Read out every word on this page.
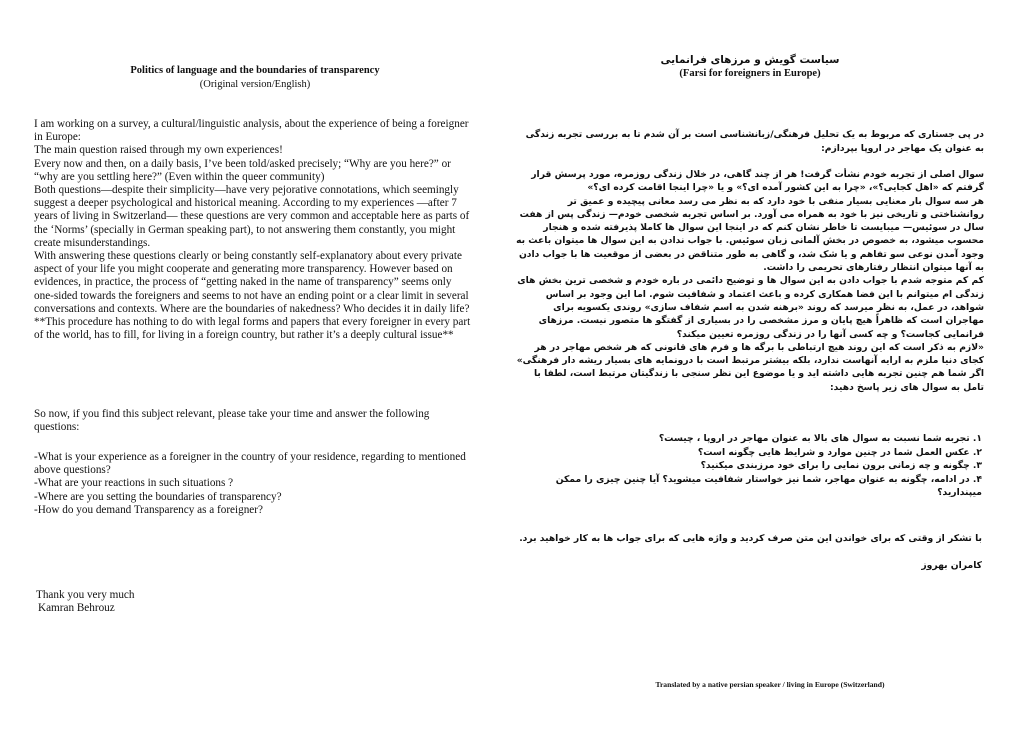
Politics of language and the boundaries of transparency
(Original version/English)

I am working on a survey, a cultural/linguistic analysis, about the experience of being a foreigner in Europe:

The main question raised through my own experiences!

Every now and then, on a daily basis, I’ve been told/asked precisely; “Why are you here?” or “why are you settling here?” (Even within the queer community)

Both questions—despite their simplicity—have very pejorative connotations, which seemingly suggest a deeper psychological and historical meaning. According to my experiences —after 7 years of living in Switzerland— these questions are very common and acceptable here as parts of the ‘Norms’ (specially in German speaking part), to not answering them constantly, you might create misunderstandings.

With answering these questions clearly or being constantly self-explanatory about every private aspect of your life you might cooperate and generating more transparency. However based on evidences, in practice, the process of “getting naked in the name of transparency” seems only one-sided towards the foreigners and seems to not have an ending point or a clear limit in several conversations and contexts. Where are the boundaries of nakedness? Who decides it in daily life?

**This procedure has nothing to do with legal forms and papers that every foreigner in every part of the world, has to fill, for living in a foreign country, but rather it’s a deeply cultural issue**

So now, if you find this subject relevant, please take your time and answer the following questions:

-What is your experience as a foreigner in the country of your residence, regarding to mentioned above questions?
-What are your reactions in such situations ?
-Where are you setting the boundaries of transparency?
-How do you demand Transparency as a foreigner?
Thank you very much
Kamran Behrouz
سیاست گویش و مرزهای فرانمایی
(Farsi for foreigners in Europe)
در پی جستاری که مربوط به یک تحلیل فرهنگی/زبانشناسی است بر آن شدم تا به بررسی تجربه زندگی به عنوان یک مهاجر در اروپا بپردازم:

سوال اصلی از تجربه خودم نشأت گرفت! هر از چند گاهی، در خلال زندگی روزمره، مورد پرسش قرار گرفتم که «اهل کجایی؟»، «چرا به این کشور آمده ای؟» و یا «چرا اینجا اقامت کرده ای؟»

هر سه سوال بار معنایی بسیار منفی با خود دارد که به نظر می رسد معانی پیچیده و عمیق تر روانشناختی و تاریخی نیز با خود به همراه می آورد. بر اساس تجربه شخصی خودم— زندگی پس از هفت سال در سوئیس— میبایست تا خاطر نشان کنم که در اینجا این سوال ها کاملا پذیرفته شده و هنجار محسوب میشود، به خصوص در بخش آلمانی زبان سوئیس. با جواب ندادن به این سوال ها میتوان باعث به وجود آمدن نوعی سو تفاهم و یا شک شد، و گاهی به طور متناقض در بعضی از موقعیت ها با جواب دادن به آنها میتوان انتظار رفتارهای تحریمی را داشت.

کم کم متوجه شدم با جواب دادن به این سوال ها و توضیح دائمی در باره خودم و شخصی ترین بخش های زندگی ام میتوانم با این فضا همکاری کرده و باعث اعتماد و شفافیت شوم. اما این وجود بر اساس شواهد، در عمل، به نظر میرسد که روند «برهنه شدن به اسم شفاف سازی» روندی یکسویه برای مهاجران است که ظاهراً هیچ پایان و مرز مشخصی را در بسیاری از گفتگو ها متصور نیست. مرزهای فرانمایی کجاست؟ و چه کسی آنها را در زندگی روزمره تعیین میکند؟

«لازم به ذکر است که این روند هیچ ارتباطی با برگه ها و فرم های قانونی که هر شخص مهاجر در هر کجای دنیا ملزم به ارایه آنهاست ندارد، بلکه بیشتر مرتبط است با درونمایه های بسیار ریشه دار فرهنگی»

اگر شما هم چنین تجربه هایی داشته اید و یا موضوع این نظر سنجی با زندگیتان مرتبط است، لطفا با تامل به سوال های زیر پاسخ دهید:

۱. تجربه شما نسبت به سوال های بالا به عنوان مهاجر در اروپا ، چیست؟
۲. عکس العمل شما در چنین موارد و شرایط هایی چگونه است؟
۳. چگونه و چه زمانی برون نمایی را برای خود مرزبندی میکنید؟
۴. در ادامه، چگونه به عنوان مهاجر، شما نیز خواستار شفافیت میشوید؟ آیا چنین چیزی را ممکن میپندارید؟
با تشکر از وقتی که برای خواندن این متن صرف کردید و واژه هایی که برای جواب ها به کار خواهید برد.
کامران بهروز
Translated by a native persian speaker / living in Europe (Switzerland)
